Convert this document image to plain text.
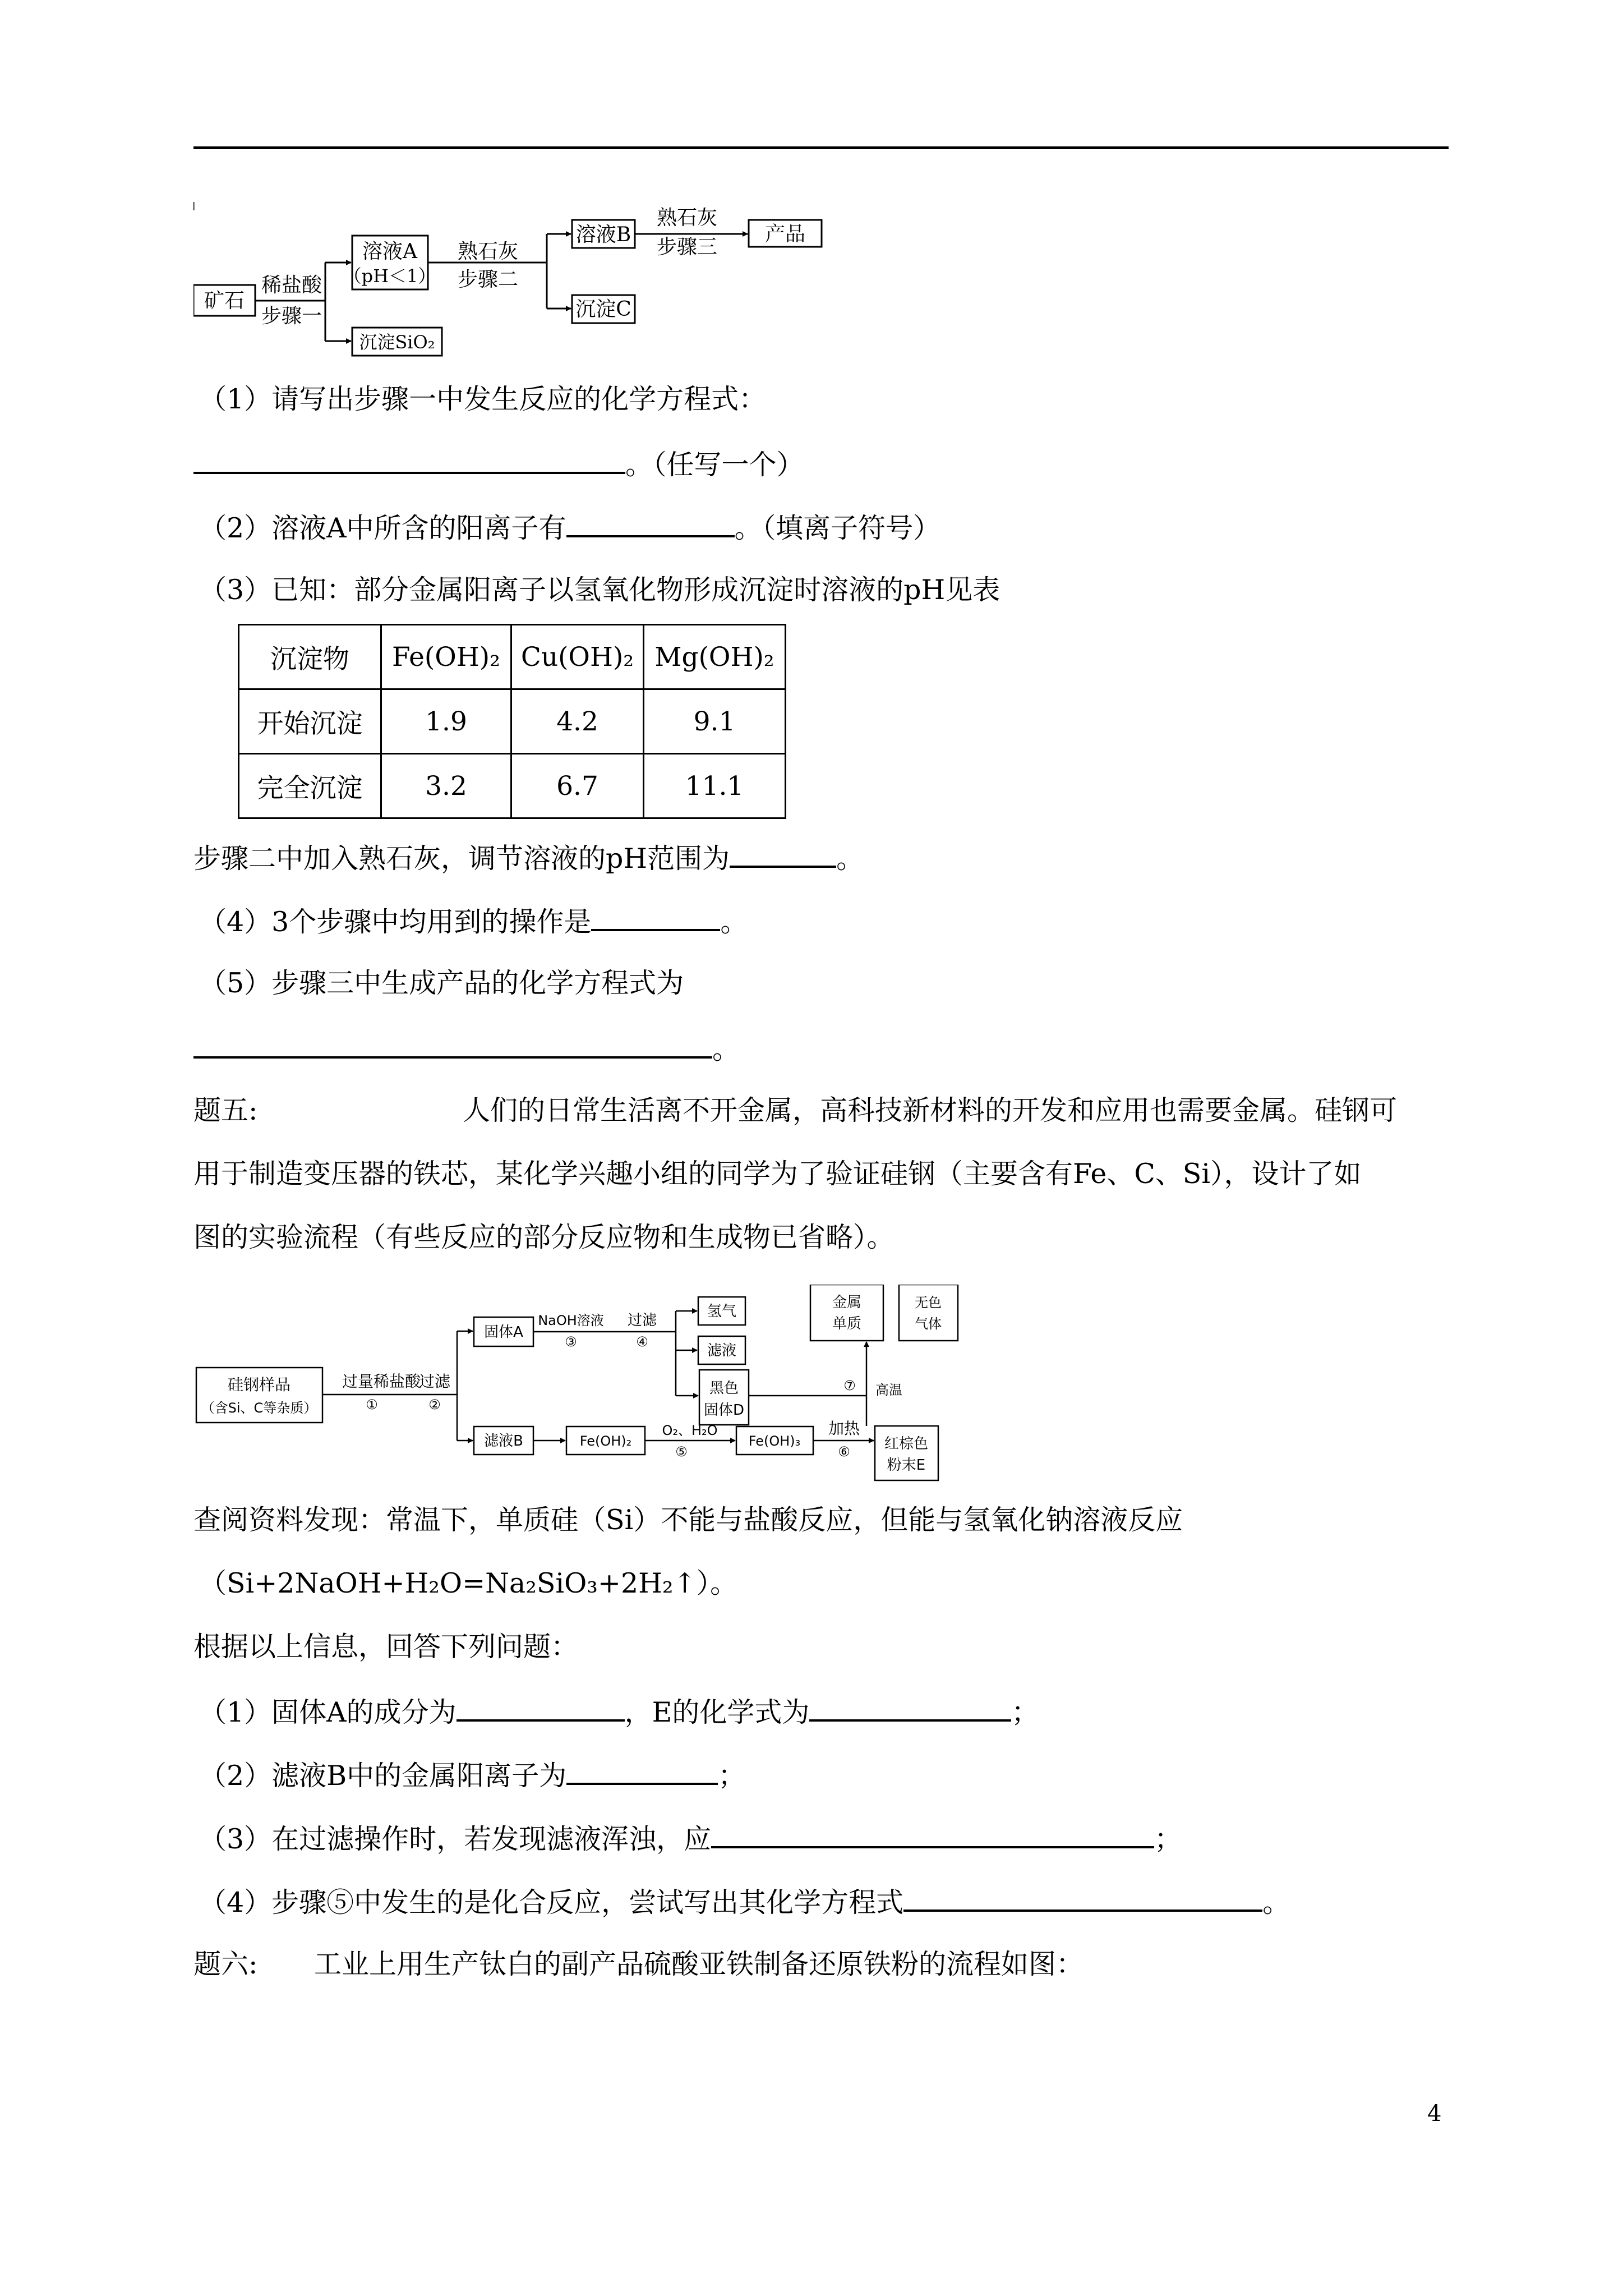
矿石
稀盐酸
步骤一
溶液A
（pH＜1）
熟石灰
步骤二
溶液B
熟石灰
步骤三
产品
沉淀C
沉淀SiO₂
（1）请写出步骤一中发生反应的化学方程式：
。（任写一个）
（2）溶液A中所含的阳离子有	。（填离子符号）
（3）已知：部分金属阳离子以氢氧化物形成沉淀时溶液的pH见表
沉淀物	Fe(OH)₂	Cu(OH)₂	Mg(OH)₂
开始沉淀	1.9	4.2	9.1
完全沉淀	3.2	6.7	11.1
步骤二中加入熟石灰，调节溶液的pH范围为	。
（4）3个步骤中均用到的操作是	。
（5）步骤三中生成产品的化学方程式为
。
题五:	人们的日常生活离不开金属，高科技新材料的开发和应用也需要金属。硅钢可
用于制造变压器的铁芯，某化学兴趣小组的同学为了验证硅钢（主要含有Fe、C、Si），设计了如
图的实验流程（有些反应的部分反应物和生成物已省略）。
硅钢样品
（含Si、C等杂质）
过量稀盐酸
①
过滤
②
固体A
NaOH溶液
③
过滤
④
氢气
滤液
黑色
固体D
金属
单质
无色
气体
⑦ 高温
滤液B	Fe(OH)₂
O₂、H₂O
⑤
Fe(OH)₃
加热
⑥ 红棕色
粉末E
查阅资料发现：常温下，单质硅（Si）不能与盐酸反应，但能与氢氧化钠溶液反应
（Si+2NaOH+H₂O=Na₂SiO₃+2H₂↑）。
根据以上信息，回答下列问题：
（1）固体A的成分为	，E的化学式为	；
（2）滤液B中的金属阳离子为	；
（3）在过滤操作时，若发现滤液浑浊，应	；
（4）步骤⑤中发生的是化合反应，尝试写出其化学方程式	。
题六: 工业上用生产钛白的副产品硫酸亚铁制备还原铁粉的流程如图：
4
